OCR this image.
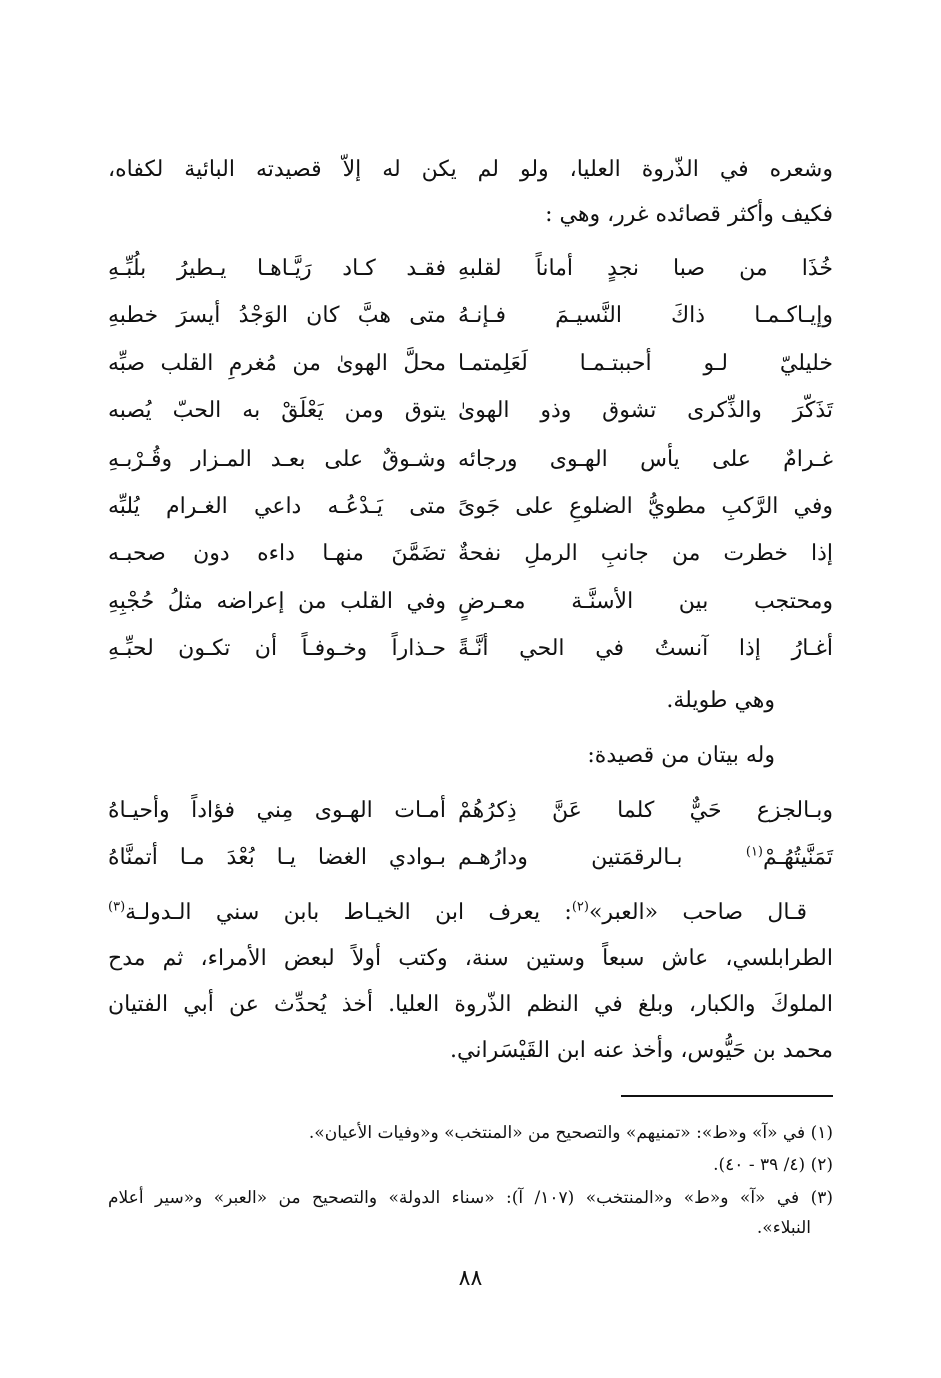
وشعره في الذّروة العليا، ولو لم يكن له إلاّ قصيدته البائية لكفاه،
فكيف وأكثر قصائده غرر، وهي :
خُذَا من صبا نجدٍ أماناً لقلبهِ
فقـد كـاد رَيَّـاهـا يـطيرُ بلُبِّـهِ
وإيـاكـمـا ذاكَ النَّسيـمَ فـإنـهُ
متى هبَّ كان الوَجْدُ أيسرَ خطبهِ
خليليّ لـو أحببتـمـا لَعَلِمتمـا
محلَّ الهوىٰ من مُغرمِ القلب صبِّه
تَذَكّرَ والذِّكرى تشوق وذو الهوىٰ
يتوق ومن يَعْلَقْ به الحبّ يُصبه
غـرامٌ على يأس الهـوى ورجائه
وشـوقٌ على بعـد المـزار وقُـرْبـهِ
وفي الرَّكبِ مطويُّ الضلوعِ على جَوىً
متى يَـدْعُـه داعي الغـرام يُلبِّه
إذا خطرت من جانبِ الرملِ نفحةٌ
تضَمَّنَ منهـا داءه دون صحبـه
ومحتجب بين الأسنَّـة معـرضٍ
وفي القلب من إعراضه مثلُ حُجْبِهِ
أغـارُ إذا آنستُ في الحي أنَّـةً
حـذاراً وخـوفـاً أن تكـون لحبِّـهِ
وهي طويلة.
وله بيتان من قصيدة:
وبـالجزع حَيٌّ كلما عَنَّ ذِكرُهُمْ
أمـات الهـوى مِني فؤاداً وأحيـاهُ
تَمَنَّيتُهُـمْ$^{(١)}$ بـالرقمَتين ودارُهـم
بـوادي الغضا يـا بُعْدَ مـا أتمنَّاهُ
قـال صاحب «العبر»$^{(٢)}$: يعرف ابن الخيـاط بابن سني الـدولـة$^{(٣)}$
الطرابلسي، عاش سبعاً وستين سنة، وكتب أولاً لبعض الأمراء، ثم مدح
الملوكَ والكبار، وبلغ في النظم الذّروة العليا. أخذ يُحدِّث عن أبي الفتيان
محمد بن حَيُّوس، وأخذ عنه ابن القَيْسَراني.
(١) في «آ» و«ط»: «تمنيهم» والتصحيح من «المنتخب» و«وفيات الأعيان».
(٢) (٤/ ٣٩ - ٤٠).
(٣) في «آ» و«ط» و«المنتخب» (١٠٧/ آ): «سناء الدولة» والتصحيح من «العبر» و«سير أعلام
النبلاء».
٨٨
